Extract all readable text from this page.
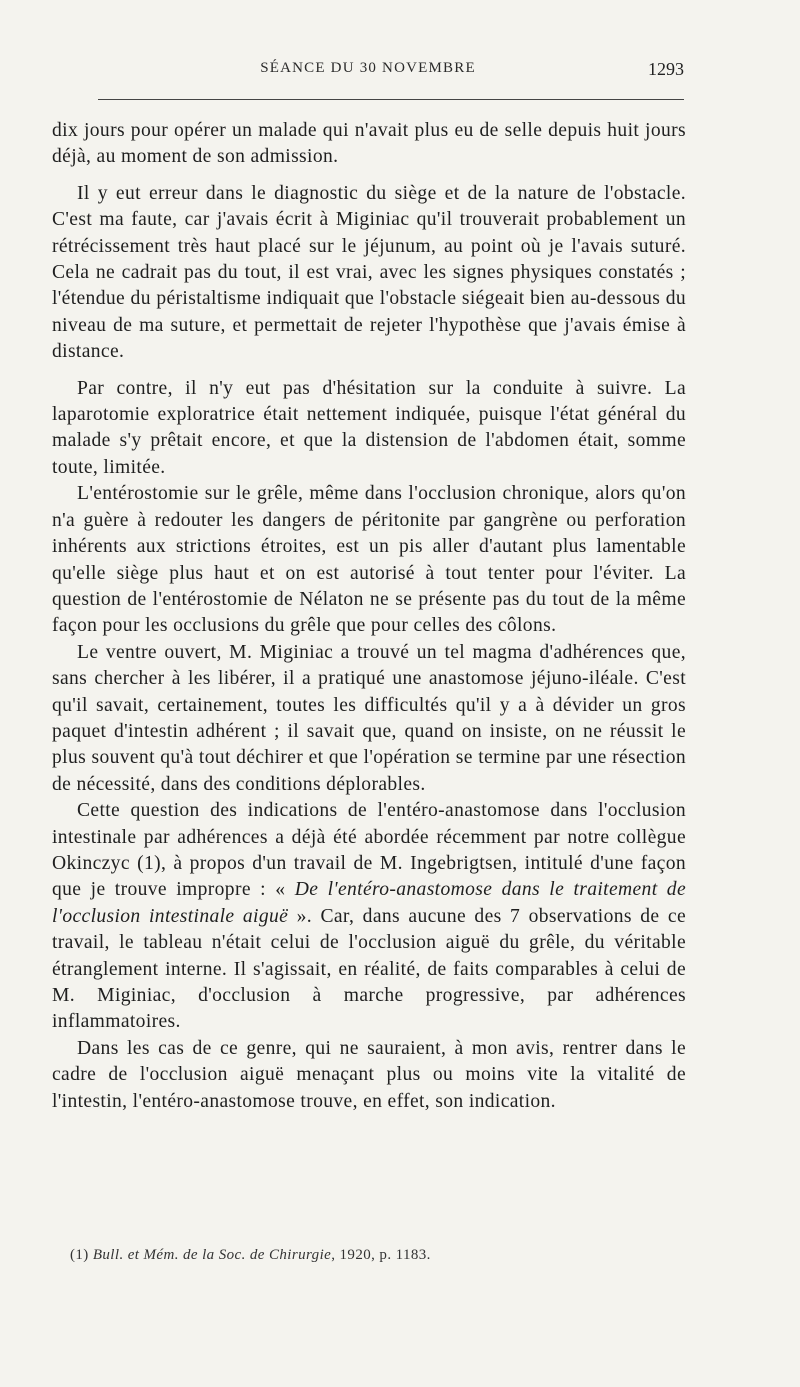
SÉANCE DU 30 NOVEMBRE	1293

dix jours pour opérer un malade qui n'avait plus eu de selle depuis huit jours déjà, au moment de son admission.

Il y eut erreur dans le diagnostic du siège et de la nature de l'obstacle. C'est ma faute, car j'avais écrit à Miginiac qu'il trouverait probablement un rétrécissement très haut placé sur le jéjunum, au point où je l'avais suturé. Cela ne cadrait pas du tout, il est vrai, avec les signes physiques constatés ; l'étendue du péristaltisme indiquait que l'obstacle siégeait bien au-dessous du niveau de ma suture, et permettait de rejeter l'hypothèse que j'avais émise à distance.

Par contre, il n'y eut pas d'hésitation sur la conduite à suivre. La laparotomie exploratrice était nettement indiquée, puisque l'état général du malade s'y prêtait encore, et que la distension de l'abdomen était, somme toute, limitée.

L'entérostomie sur le grêle, même dans l'occlusion chronique, alors qu'on n'a guère à redouter les dangers de péritonite par gangrène ou perforation inhérents aux strictions étroites, est un pis aller d'autant plus lamentable qu'elle siège plus haut et on est autorisé à tout tenter pour l'éviter. La question de l'entérostomie de Nélaton ne se présente pas du tout de la même façon pour les occlusions du grêle que pour celles des côlons.

Le ventre ouvert, M. Miginiac a trouvé un tel magma d'adhérences que, sans chercher à les libérer, il a pratiqué une anastomose jéjuno-iléale. C'est qu'il savait, certainement, toutes les difficultés qu'il y a à dévider un gros paquet d'intestin adhérent ; il savait que, quand on insiste, on ne réussit le plus souvent qu'à tout déchirer et que l'opération se termine par une résection de nécessité, dans des conditions déplorables.

Cette question des indications de l'entéro-anastomose dans l'occlusion intestinale par adhérences a déjà été abordée récemment par notre collègue Okinczyc (1), à propos d'un travail de M. Ingebrigtsen, intitulé d'une façon que je trouve impropre : « De l'entéro-anastomose dans le traitement de l'occlusion intestinale aiguë ». Car, dans aucune des 7 observations de ce travail, le tableau n'était celui de l'occlusion aiguë du grêle, du véritable étranglement interne. Il s'agissait, en réalité, de faits comparables à celui de M. Miginiac, d'occlusion à marche progressive, par adhérences inflammatoires.

Dans les cas de ce genre, qui ne sauraient, à mon avis, rentrer dans le cadre de l'occlusion aiguë menaçant plus ou moins vite la vitalité de l'intestin, l'entéro-anastomose trouve, en effet, son indication.

(1) Bull. et Mém. de la Soc. de Chirurgie, 1920, p. 1183.
